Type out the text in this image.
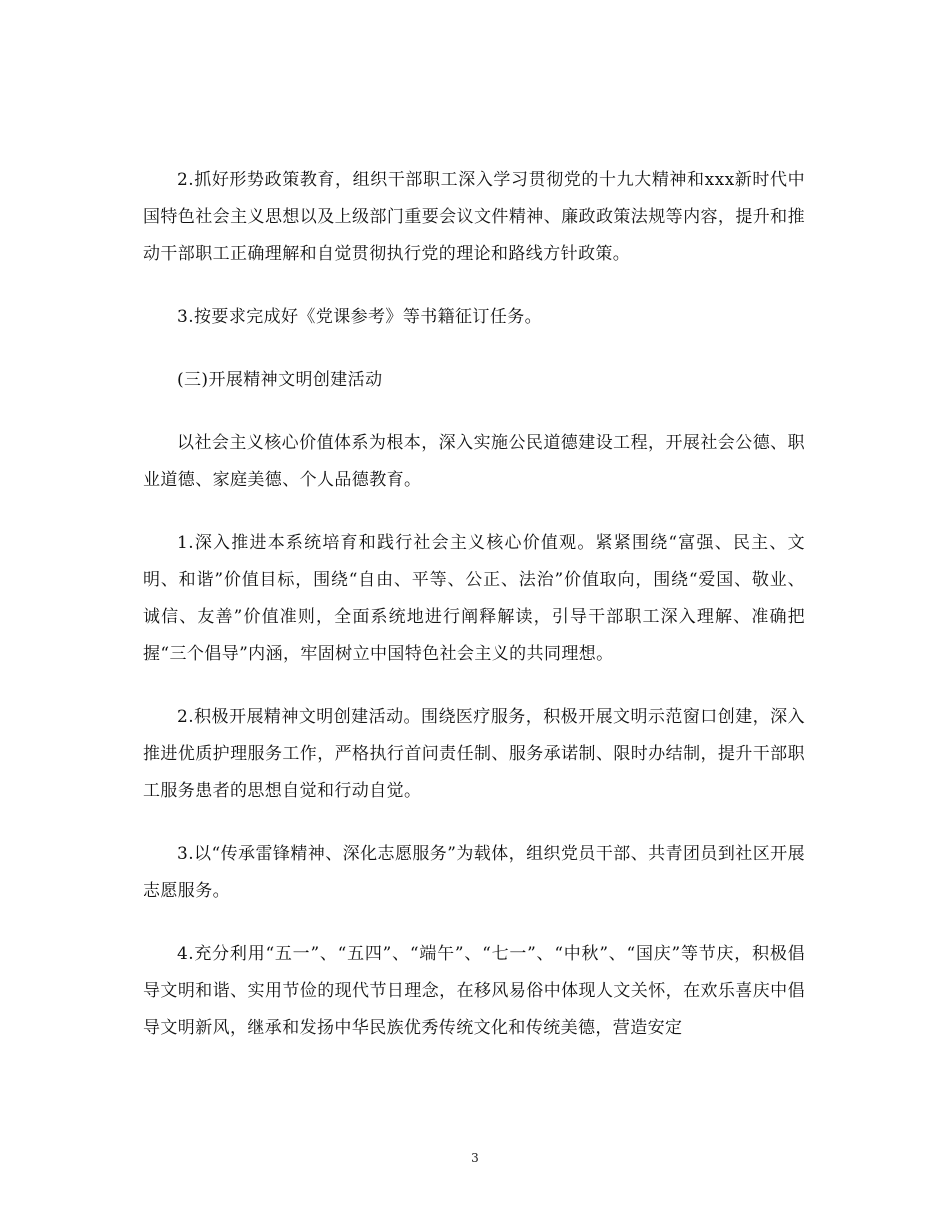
2.抓好形势政策教育，组织干部职工深入学习贯彻党的十九大精神和xxx新时代中国特色社会主义思想以及上级部门重要会议文件精神、廉政政策法规等内容，提升和推动干部职工正确理解和自觉贯彻执行党的理论和路线方针政策。

3.按要求完成好《党课参考》等书籍征订任务。

(三)开展精神文明创建活动

以社会主义核心价值体系为根本，深入实施公民道德建设工程，开展社会公德、职业道德、家庭美德、个人品德教育。

1.深入推进本系统培育和践行社会主义核心价值观。紧紧围绕“富强、民主、文明、和谐”价值目标，围绕“自由、平等、公正、法治”价值取向，围绕“爱国、敬业、诚信、友善”价值准则，全面系统地进行阐释解读，引导干部职工深入理解、准确把握“三个倡导”内涵，牢固树立中国特色社会主义的共同理想。

2.积极开展精神文明创建活动。围绕医疗服务，积极开展文明示范窗口创建，深入推进优质护理服务工作，严格执行首问责任制、服务承诺制、限时办结制，提升干部职工服务患者的思想自觉和行动自觉。

3.以“传承雷锋精神、深化志愿服务”为载体，组织党员干部、共青团员到社区开展志愿服务。

4.充分利用“五一”、“五四”、“端午”、“七一”、“中秋”、“国庆”等节庆，积极倡导文明和谐、实用节俭的现代节日理念，在移风易俗中体现人文关怀，在欢乐喜庆中倡导文明新风，继承和发扬中华民族优秀传统文化和传统美德，营造安定

3
